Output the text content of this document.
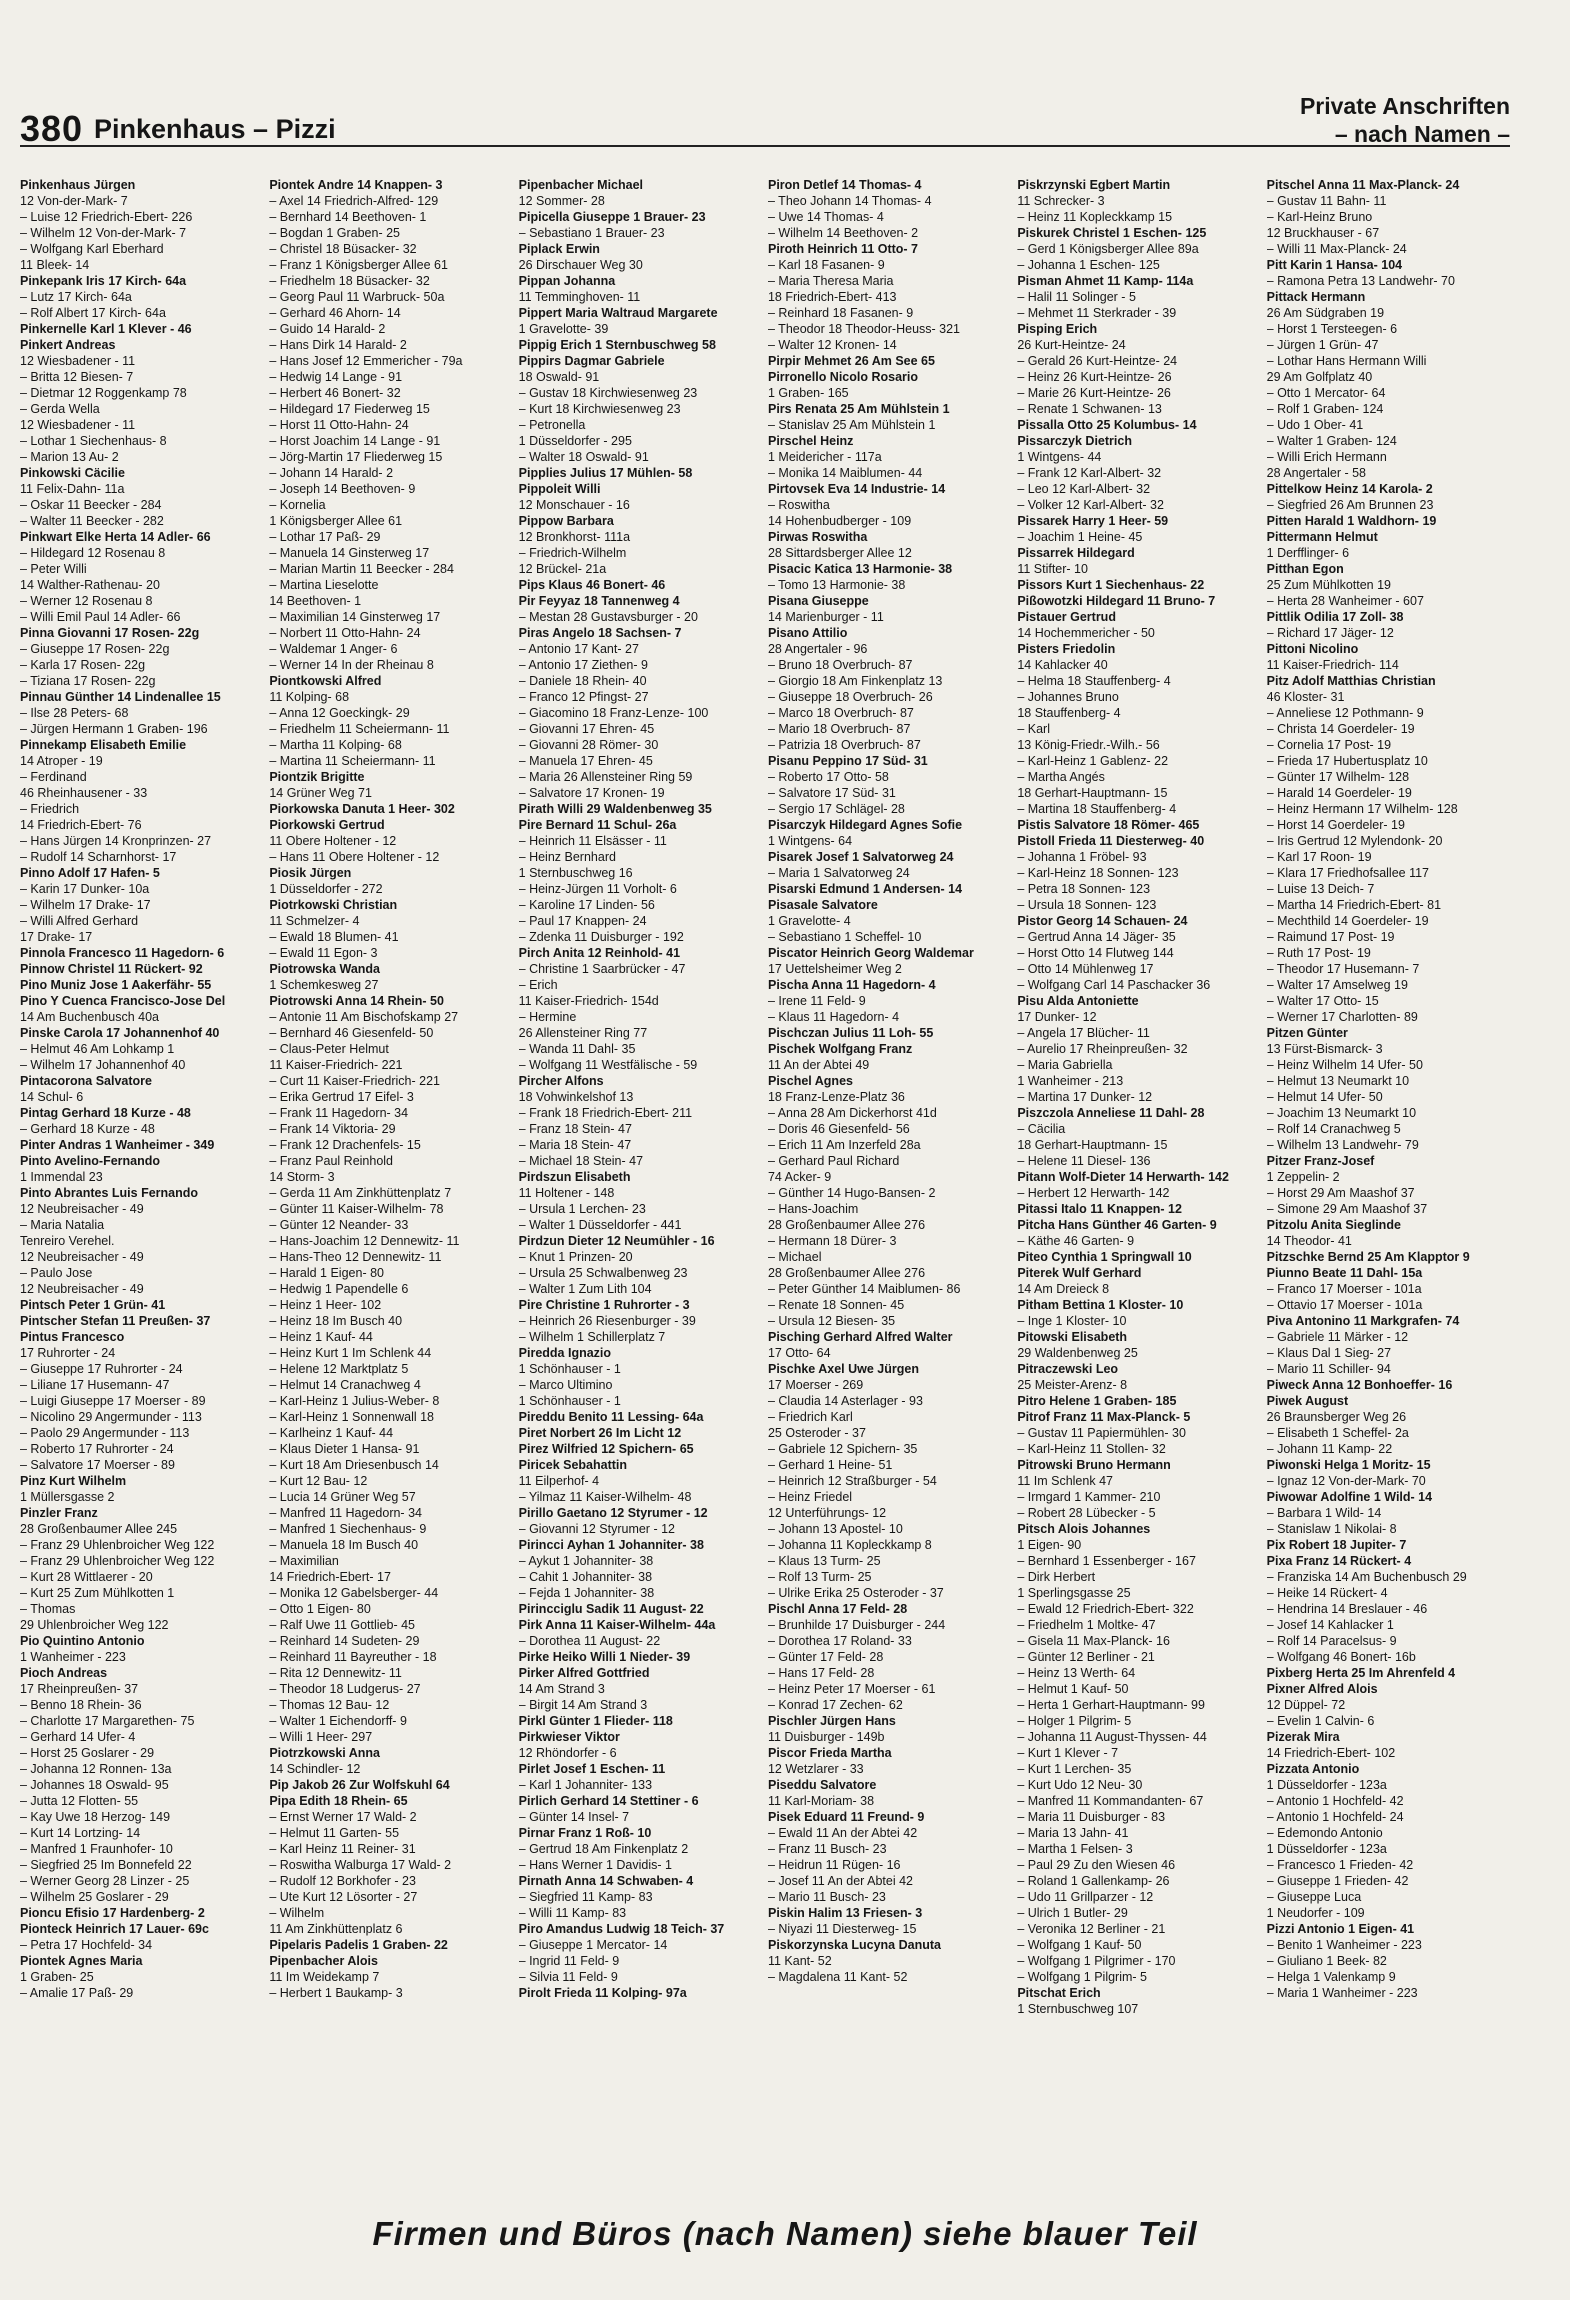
380 Pinkenhaus – Pizzi
Private Anschriften
– nach Namen –
Pinkenhaus Jürgen
12 Von-der-Mark- 7
– Luise 12 Friedrich-Ebert- 226
– Wilhelm 12 Von-der-Mark- 7
– Wolfgang Karl Eberhard
11 Bleek- 14
Pinkepank Iris 17 Kirch- 64a
– Lutz 17 Kirch- 64a
– Rolf Albert 17 Kirch- 64a
Pinkernelle Karl 1 Klever - 46
Pinkert Andreas
12 Wiesbadener - 11
– Britta 12 Biesen- 7
– Dietmar 12 Roggenkamp 78
– Gerda Wella
12 Wiesbadener - 11
– Lothar 1 Siechenhaus- 8
– Marion 13 Au- 2
Pinkowski Cäcilie
11 Felix-Dahn- 11a
– Oskar 11 Beecker - 284
– Walter 11 Beecker - 282
Pinkwart Elke Herta 14 Adler- 66
– Hildegard 12 Rosenau 8
– Peter Willi
14 Walther-Rathenau- 20
– Werner 12 Rosenau 8
– Willi Emil Paul 14 Adler- 66
Pinna Giovanni 17 Rosen- 22g
– Giuseppe 17 Rosen- 22g
– Karla 17 Rosen- 22g
– Tiziana 17 Rosen- 22g
Pinnau Günther 14 Lindenallee 15
– Ilse 28 Peters- 68
– Jürgen Hermann 1 Graben- 196
Pinnekamp Elisabeth Emilie
14 Atroper - 19
– Ferdinand
46 Rheinhausener - 33
– Friedrich
14 Friedrich-Ebert- 76
– Hans Jürgen 14 Kronprinzen- 27
– Rudolf 14 Scharnhorst- 17
Pinno Adolf 17 Hafen- 5
– Karin 17 Dunker- 10a
– Wilhelm 17 Drake- 17
– Willi Alfred Gerhard
17 Drake- 17
Pinnola Francesco 11 Hagedorn- 6
Pinnow Christel 11 Rückert- 92
Pino Muniz Jose 1 Aakerfähr- 55
Pino Y Cuenca Francisco-Jose Del
14 Am Buchenbusch 40a
Pinske Carola 17 Johannenhof 40
– Helmut 46 Am Lohkamp 1
– Wilhelm 17 Johannenhof 40
Pintacorona Salvatore
14 Schul- 6
Pintag Gerhard 18 Kurze - 48
– Gerhard 18 Kurze - 48
Pinter Andras 1 Wanheimer - 349
Pinto Avelino-Fernando
1 Immendal 23
Pinto Abrantes Luis Fernando
12 Neubreisacher - 49
– Maria Natalia
Tenreiro Verehel.
12 Neubreisacher - 49
– Paulo Jose
12 Neubreisacher - 49
Pintsch Peter 1 Grün- 41
Pintscher Stefan 11 Preußen- 37
Pintus Francesco
17 Ruhrorter - 24
– Giuseppe 17 Ruhrorter - 24
– Liliane 17 Husemann- 47
– Luigi Giuseppe 17 Moerser - 89
– Nicolino 29 Angermunder - 113
– Paolo 29 Angermunder - 113
– Roberto 17 Ruhrorter - 24
– Salvatore 17 Moerser - 89
Pinz Kurt Wilhelm
1 Müllersgasse 2
Pinzler Franz
28 Großenbaumer Allee 245
– Franz 29 Uhlenbroicher Weg 122
– Franz 29 Uhlenbroicher Weg 122
– Kurt 28 Wittlaerer - 20
– Kurt 25 Zum Mühlkotten 1
– Thomas
29 Uhlenbroicher Weg 122
Pio Quintino Antonio
1 Wanheimer - 223
Pioch Andreas
17 Rheinpreußen- 37
– Benno 18 Rhein- 36
– Charlotte 17 Margarethen- 75
– Gerhard 14 Ufer- 4
– Horst 25 Goslarer - 29
– Johanna 12 Ronnen- 13a
– Johannes 18 Oswald- 95
– Jutta 12 Flotten- 55
– Kay Uwe 18 Herzog- 149
– Kurt 14 Lortzing- 14
– Manfred 1 Fraunhofer- 10
– Siegfried 25 Im Bonnefeld 22
– Werner Georg 28 Linzer - 25
– Wilhelm 25 Goslarer - 29
Pioncu Efisio 17 Hardenberg- 2
Pionteck Heinrich 17 Lauer- 69c
– Petra 17 Hochfeld- 34
Piontek Agnes Maria
1 Graben- 25
– Amalie 17 Paß- 29
Piontek Andre 14 Knappen- 3
– Axel 14 Friedrich-Alfred- 129
– Bernhard 14 Beethoven- 1
– Bogdan 1 Graben- 25
– Christel 18 Büsacker- 32
– Franz 1 Königsberger Allee 61
– Friedhelm 18 Büsacker- 32
– Georg Paul 11 Warbruck- 50a
– Gerhard 46 Ahorn- 14
– Guido 14 Harald- 2
– Hans Dirk 14 Harald- 2
– Hans Josef 12 Emmericher - 79a
– Hedwig 14 Lange - 91
– Herbert 46 Bonert- 32
– Hildegard 17 Fiederweg 15
– Horst 11 Otto-Hahn- 24
– Horst Joachim 14 Lange - 91
– Jörg-Martin 17 Fliederweg 15
– Johann 14 Harald- 2
– Joseph 14 Beethoven- 9
– Kornelia
1 Königsberger Allee 61
– Lothar 17 Paß- 29
– Manuela 14 Ginsterweg 17
– Marian Martin 11 Beecker - 284
– Martina Lieselotte
14 Beethoven- 1
– Maximilian 14 Ginsterweg 17
– Norbert 11 Otto-Hahn- 24
– Waldemar 1 Anger- 6
– Werner 14 In der Rheinau 8
Piontkowski Alfred
11 Kolping- 68
– Anna 12 Goeckingk- 29
– Friedhelm 11 Scheiermann- 11
– Martha 11 Kolping- 68
– Martina 11 Scheiermann- 11
Piontzik Brigitte
14 Grüner Weg 71
Piorkowska Danuta 1 Heer- 302
Piorkowski Gertrud
11 Obere Holtener - 12
– Hans 11 Obere Holtener - 12
Piosik Jürgen
1 Düsseldorfer - 272
Piotrkowski Christian
11 Schmelzer- 4
– Ewald 18 Blumen- 41
– Ewald 11 Egon- 3
Piotrowska Wanda
1 Schemkesweg 27
Piotrowski Anna 14 Rhein- 50
– Antonie 11 Am Bischofskamp 27
– Bernhard 46 Giesenfeld- 50
– Claus-Peter Helmut
11 Kaiser-Friedrich- 221
– Curt 11 Kaiser-Friedrich- 221
– Erika Gertrud 17 Eifel- 3
– Frank 11 Hagedorn- 34
– Frank 14 Viktoria- 29
– Frank 12 Drachenfels- 15
– Franz Paul Reinhold
14 Storm- 3
– Gerda 11 Am Zinkhüttenplatz 7
– Günter 11 Kaiser-Wilhelm- 78
– Günter 12 Neander- 33
– Hans-Joachim 12 Dennewitz- 11
– Hans-Theo 12 Dennewitz- 11
– Harald 1 Eigen- 80
– Hedwig 1 Papendelle 6
– Heinz 1 Heer- 102
– Heinz 18 Im Busch 40
– Heinz 1 Kauf- 44
– Heinz Kurt 1 Im Schlenk 44
– Helene 12 Marktplatz 5
– Helmut 14 Cranachweg 4
– Karl-Heinz 1 Julius-Weber- 8
– Karl-Heinz 1 Sonnenwall 18
– Karlheinz 1 Kauf- 44
– Klaus Dieter 1 Hansa- 91
– Kurt 18 Am Driesenbusch 14
– Kurt 12 Bau- 12
– Lucia 14 Grüner Weg 57
– Manfred 11 Hagedorn- 34
– Manfred 1 Siechenhaus- 9
– Manuela 18 Im Busch 40
– Maximilian
14 Friedrich-Ebert- 17
– Monika 12 Gabelsberger- 44
– Otto 1 Eigen- 80
– Ralf Uwe 11 Gottlieb- 45
– Reinhard 14 Sudeten- 29
– Reinhard 11 Bayreuther - 18
– Rita 12 Dennewitz- 11
– Theodor 18 Ludgerus- 27
– Thomas 12 Bau- 12
– Walter 1 Eichendorff- 9
– Willi 1 Heer- 297
Piotrzkowski Anna
14 Schindler- 12
Pip Jakob 26 Zur Wolfskuhl 64
Pipa Edith 18 Rhein- 65
– Ernst Werner 17 Wald- 2
– Helmut 11 Garten- 55
– Karl Heinz 11 Reiner- 31
– Roswitha Walburga 17 Wald- 2
– Rudolf 12 Borkhofer - 23
– Ute Kurt 12 Lösorter - 27
– Wilhelm
11 Am Zinkhüttenplatz 6
Pipelaris Padelis 1 Graben- 22
Pipenbacher Alois
11 Im Weidekamp 7
– Herbert 1 Baukamp- 3
Pipenbacher Michael
12 Sommer- 28
Pipicella Giuseppe 1 Brauer- 23
– Sebastiano 1 Brauer- 23
Piplack Erwin
26 Dirschauer Weg 30
Pippan Johanna
11 Temminghoven- 11
Pippert Maria Waltraud Margarete
1 Gravelotte- 39
Pippig Erich 1 Sternbuschweg 58
Pippirs Dagmar Gabriele
18 Oswald- 91
– Gustav 18 Kirchwiesenweg 23
– Kurt 18 Kirchwiesenweg 23
– Petronella
1 Düsseldorfer - 295
– Walter 18 Oswald- 91
Pipplies Julius 17 Mühlen- 58
Pippoleit Willi
12 Monschauer - 16
Pippow Barbara
12 Bronkhorst- 111a
– Friedrich-Wilhelm
12 Brückel- 21a
Pips Klaus 46 Bonert- 46
Pir Feyyaz 18 Tannenweg 4
– Mestan 28 Gustavsburger - 20
Piras Angelo 18 Sachsen- 7
– Antonio 17 Kant- 27
– Antonio 17 Ziethen- 9
– Daniele 18 Rhein- 40
– Franco 12 Pfingst- 27
– Giacomino 18 Franz-Lenze- 100
– Giovanni 17 Ehren- 45
– Giovanni 28 Römer- 30
– Manuela 17 Ehren- 45
– Maria 26 Allensteiner Ring 59
– Salvatore 17 Kronen- 19
Pirath Willi 29 Waldenbenweg 35
Pire Bernard 11 Schul- 26a
– Heinrich 11 Elsässer - 11
– Heinz Bernhard
1 Sternbuschweg 16
– Heinz-Jürgen 11 Vorholt- 6
– Karoline 17 Linden- 56
– Paul 17 Knappen- 24
– Zdenka 11 Duisburger - 192
Pirch Anita 12 Reinhold- 41
– Christine 1 Saarbrücker - 47
– Erich
11 Kaiser-Friedrich- 154d
– Hermine
26 Allensteiner Ring 77
– Wanda 11 Dahl- 35
– Wolfgang 11 Westfälische - 59
Pircher Alfons
18 Vohwinkelshof 13
– Frank 18 Friedrich-Ebert- 211
– Franz 18 Stein- 47
– Maria 18 Stein- 47
– Michael 18 Stein- 47
Pirdszun Elisabeth
11 Holtener - 148
– Ursula 1 Lerchen- 23
– Walter 1 Düsseldorfer - 441
Pirdzun Dieter 12 Neumühler - 16
– Knut 1 Prinzen- 20
– Ursula 25 Schwalbenweg 23
– Walter 1 Zum Lith 104
Pire Christine 1 Ruhrorter - 3
– Heinrich 26 Riesenburger - 39
– Wilhelm 1 Schillerplatz 7
Piredda Ignazio
1 Schönhauser - 1
– Marco Ultimino
1 Schönhauser - 1
Pireddu Benito 11 Lessing- 64a
Piret Norbert 26 Im Licht 12
Pirez Wilfried 12 Spichern- 65
Piricek Sebahattin
11 Eilperhof- 4
– Yilmaz 11 Kaiser-Wilhelm- 48
Pirillo Gaetano 12 Styrumer - 12
– Giovanni 12 Styrumer - 12
Pirincci Ayhan 1 Johanniter- 38
– Aykut 1 Johanniter- 38
– Cahit 1 Johanniter- 38
– Fejda 1 Johanniter- 38
Pirincciglu Sadik 11 August- 22
Pirk Anna 11 Kaiser-Wilhelm- 44a
– Dorothea 11 August- 22
Pirke Heiko Willi 1 Nieder- 39
Pirker Alfred Gottfried
14 Am Strand 3
– Birgit 14 Am Strand 3
Pirkl Günter 1 Flieder- 118
Pirkwieser Viktor
12 Rhöndorfer - 6
Pirlet Josef 1 Eschen- 11
– Karl 1 Johanniter- 133
Pirlich Gerhard 14 Stettiner - 6
– Günter 14 Insel- 7
Pirnar Franz 1 Roß- 10
– Gertrud 18 Am Finkenplatz 2
– Hans Werner 1 Davidis- 1
Pirnath Anna 14 Schwaben- 4
– Siegfried 11 Kamp- 83
– Willi 11 Kamp- 83
Piro Amandus Ludwig 18 Teich- 37
– Giuseppe 1 Mercator- 14
– Ingrid 11 Feld- 9
– Silvia 11 Feld- 9
Pirolt Frieda 11 Kolping- 97a
Piron Detlef 14 Thomas- 4
– Theo Johann 14 Thomas- 4
– Uwe 14 Thomas- 4
– Wilhelm 14 Beethoven- 2
Piroth Heinrich 11 Otto- 7
– Karl 18 Fasanen- 9
– Maria Theresa Maria
18 Friedrich-Ebert- 413
– Reinhard 18 Fasanen- 9
– Theodor 18 Theodor-Heuss- 321
– Walter 12 Kronen- 14
Pirpir Mehmet 26 Am See 65
Pirronello Nicolo Rosario
1 Graben- 165
Pirs Renata 25 Am Mühlstein 1
– Stanislav 25 Am Mühlstein 1
Pirschel Heinz
1 Meidericher - 117a
– Monika 14 Maiblumen- 44
Pirtovsek Eva 14 Industrie- 14
– Roswitha
14 Hohenbudberger - 109
Pirwas Roswitha
28 Sittardsberger Allee 12
Pisacic Katica 13 Harmonie- 38
– Tomo 13 Harmonie- 38
Pisana Giuseppe
14 Marienburger - 11
Pisano Attilio
28 Angertaler - 96
– Bruno 18 Overbruch- 87
– Giorgio 18 Am Finkenplatz 13
– Giuseppe 18 Overbruch- 26
– Marco 18 Overbruch- 87
– Mario 18 Overbruch- 87
– Patrizia 18 Overbruch- 87
Pisanu Peppino 17 Süd- 31
– Roberto 17 Otto- 58
– Salvatore 17 Süd- 31
– Sergio 17 Schlägel- 28
Pisarczyk Hildegard Agnes Sofie
1 Wintgens- 64
Pisarek Josef 1 Salvatorweg 24
– Maria 1 Salvatorweg 24
Pisarski Edmund 1 Andersen- 14
Pisasale Salvatore
1 Gravelotte- 4
– Sebastiano 1 Scheffel- 10
Piscator Heinrich Georg Waldemar
17 Uettelsheimer Weg 2
Pischa Anna 11 Hagedorn- 4
– Irene 11 Feld- 9
– Klaus 11 Hagedorn- 4
Pischczan Julius 11 Loh- 55
Pischek Wolfgang Franz
11 An der Abtei 49
Pischel Agnes
18 Franz-Lenze-Platz 36
– Anna 28 Am Dickerhorst 41d
– Doris 46 Giesenfeld- 56
– Erich 11 Am Inzerfeld 28a
– Gerhard Paul Richard
74 Acker- 9
– Günther 14 Hugo-Bansen- 2
– Hans-Joachim
28 Großenbaumer Allee 276
– Hermann 18 Dürer- 3
– Michael
28 Großenbaumer Allee 276
– Peter Günther 14 Maiblumen- 86
– Renate 18 Sonnen- 45
– Ursula 12 Biesen- 35
Pisching Gerhard Alfred Walter
17 Otto- 64
Pischke Axel Uwe Jürgen
17 Moerser - 269
– Claudia 14 Asterlager - 93
– Friedrich Karl
25 Osteroder - 37
– Gabriele 12 Spichern- 35
– Gerhard 1 Heine- 51
– Heinrich 12 Straßburger - 54
– Heinz Friedel
12 Unterführungs- 12
– Johann 13 Apostel- 10
– Johanna 11 Kopleckkamp 8
– Klaus 13 Turm- 25
– Rolf 13 Turm- 25
– Ulrike Erika 25 Osteroder - 37
Pischl Anna 17 Feld- 28
– Brunhilde 17 Duisburger - 244
– Dorothea 17 Roland- 33
– Günter 17 Feld- 28
– Hans 17 Feld- 28
– Heinz Peter 17 Moerser - 61
– Konrad 17 Zechen- 62
Pischler Jürgen Hans
11 Duisburger - 149b
Piscor Frieda Martha
12 Wetzlarer - 33
Piseddu Salvatore
11 Karl-Moriam- 38
Pisek Eduard 11 Freund- 9
– Ewald 11 An der Abtei 42
– Franz 11 Busch- 23
– Heidrun 11 Rügen- 16
– Josef 11 An der Abtei 42
– Mario 11 Busch- 23
Piskin Halim 13 Friesen- 3
– Niyazi 11 Diesterweg- 15
Piskorzynska Lucyna Danuta
11 Kant- 52
– Magdalena 11 Kant- 52
Piskrzynski Egbert Martin
11 Schrecker- 3
– Heinz 11 Kopleckkamp 15
Piskurek Christel 1 Eschen- 125
– Gerd 1 Königsberger Allee 89a
– Johanna 1 Eschen- 125
Pisman Ahmet 11 Kamp- 114a
– Halil 11 Solinger - 5
– Mehmet 11 Sterkrader - 39
Pisping Erich
26 Kurt-Heintze- 24
– Gerald 26 Kurt-Heintze- 24
– Heinz 26 Kurt-Heintze- 26
– Marie 26 Kurt-Heintze- 26
– Renate 1 Schwanen- 13
Pissalla Otto 25 Kolumbus- 14
Pissarczyk Dietrich
1 Wintgens- 44
– Frank 12 Karl-Albert- 32
– Leo 12 Karl-Albert- 32
– Volker 12 Karl-Albert- 32
Pissarek Harry 1 Heer- 59
– Joachim 1 Heine- 45
Pissarrek Hildegard
11 Stifter- 10
Pissors Kurt 1 Siechenhaus- 22
Pißowotzki Hildegard 11 Bruno- 7
Pistauer Gertrud
14 Hochemmericher - 50
Pisters Friedolin
14 Kahlacker 40
– Helma 18 Stauffenberg- 4
– Johannes Bruno
18 Stauffenberg- 4
– Karl
13 König-Friedr.-Wilh.- 56
– Karl-Heinz 1 Gablenz- 22
– Martha Angés
18 Gerhart-Hauptmann- 15
– Martina 18 Stauffenberg- 4
Pistis Salvatore 18 Römer- 465
Pistoll Frieda 11 Diesterweg- 40
– Johanna 1 Fröbel- 93
– Karl-Heinz 18 Sonnen- 123
– Petra 18 Sonnen- 123
– Ursula 18 Sonnen- 123
Pistor Georg 14 Schauen- 24
– Gertrud Anna 14 Jäger- 35
– Horst Otto 14 Flutweg 144
– Otto 14 Mühlenweg 17
– Wolfgang Carl 14 Paschacker 36
Pisu Alda Antoniette
17 Dunker- 12
– Angela 17 Blücher- 11
– Aurelio 17 Rheinpreußen- 32
– Maria Gabriella
1 Wanheimer - 213
– Martina 17 Dunker- 12
Piszczola Anneliese 11 Dahl- 28
– Cäcilia
18 Gerhart-Hauptmann- 15
– Helene 11 Diesel- 136
Pitann Wolf-Dieter 14 Herwarth- 142
– Herbert 12 Herwarth- 142
Pitassi Italo 11 Knappen- 12
Pitcha Hans Günther 46 Garten- 9
– Käthe 46 Garten- 9
Piteo Cynthia 1 Springwall 10
Piterek Wulf Gerhard
14 Am Dreieck 8
Pitham Bettina 1 Kloster- 10
– Inge 1 Kloster- 10
Pitowski Elisabeth
29 Waldenbenweg 25
Pitraczewski Leo
25 Meister-Arenz- 8
Pitro Helene 1 Graben- 185
Pitrof Franz 11 Max-Planck- 5
– Gustav 11 Papiermühlen- 30
– Karl-Heinz 11 Stollen- 32
Pitrowski Bruno Hermann
11 Im Schlenk 47
– Irmgard 1 Kammer- 210
– Robert 28 Lübecker - 5
Pitsch Alois Johannes
1 Eigen- 90
– Bernhard 1 Essenberger - 167
– Dirk Herbert
1 Sperlingsgasse 25
– Ewald 12 Friedrich-Ebert- 322
– Friedhelm 1 Moltke- 47
– Gisela 11 Max-Planck- 16
– Günter 12 Berliner - 21
– Heinz 13 Werth- 64
– Helmut 1 Kauf- 50
– Herta 1 Gerhart-Hauptmann- 99
– Holger 1 Pilgrim- 5
– Johanna 11 August-Thyssen- 44
– Kurt 1 Klever - 7
– Kurt 1 Lerchen- 35
– Kurt Udo 12 Neu- 30
– Manfred 11 Kommandanten- 67
– Maria 11 Duisburger - 83
– Maria 13 Jahn- 41
– Martha 1 Felsen- 3
– Paul 29 Zu den Wiesen 46
– Roland 1 Gallenkamp- 26
– Udo 11 Grillparzer - 12
– Ulrich 1 Butler- 29
– Veronika 12 Berliner - 21
– Wolfgang 1 Kauf- 50
– Wolfgang 1 Pilgrimer - 170
– Wolfgang 1 Pilgrim- 5
Pitschat Erich
1 Sternbuschweg 107
Pitschel Anna 11 Max-Planck- 24
– Gustav 11 Bahn- 11
– Karl-Heinz Bruno
12 Bruckhauser - 67
– Willi 11 Max-Planck- 24
Pitt Karin 1 Hansa- 104
– Ramona Petra 13 Landwehr- 70
Pittack Hermann
26 Am Südgraben 19
– Horst 1 Tersteegen- 6
– Jürgen 1 Grün- 47
– Lothar Hans Hermann Willi
29 Am Golfplatz 40
– Otto 1 Mercator- 64
– Rolf 1 Graben- 124
– Udo 1 Ober- 41
– Walter 1 Graben- 124
– Willi Erich Hermann
28 Angertaler - 58
Pittelkow Heinz 14 Karola- 2
– Siegfried 26 Am Brunnen 23
Pitten Harald 1 Waldhorn- 19
Pittermann Helmut
1 Derfflinger- 6
Pitthan Egon
25 Zum Mühlkotten 19
– Herta 28 Wanheimer - 607
Pittlik Odilia 17 Zoll- 38
– Richard 17 Jäger- 12
Pittoni Nicolino
11 Kaiser-Friedrich- 114
Pitz Adolf Matthias Christian
46 Kloster- 31
– Anneliese 12 Pothmann- 9
– Christa 14 Goerdeler- 19
– Cornelia 17 Post- 19
– Frieda 17 Hubertusplatz 10
– Günter 17 Wilhelm- 128
– Harald 14 Goerdeler- 19
– Heinz Hermann 17 Wilhelm- 128
– Horst 14 Goerdeler- 19
– Iris Gertrud 12 Mylendonk- 20
– Karl 17 Roon- 19
– Klara 17 Friedhofsallee 117
– Luise 13 Deich- 7
– Martha 14 Friedrich-Ebert- 81
– Mechthild 14 Goerdeler- 19
– Raimund 17 Post- 19
– Ruth 17 Post- 19
– Theodor 17 Husemann- 7
– Walter 17 Amselweg 19
– Walter 17 Otto- 15
– Werner 17 Charlotten- 89
Pitzen Günter
13 Fürst-Bismarck- 3
– Heinz Wilhelm 14 Ufer- 50
– Helmut 13 Neumarkt 10
– Helmut 14 Ufer- 50
– Joachim 13 Neumarkt 10
– Rolf 14 Cranachweg 5
– Wilhelm 13 Landwehr- 79
Pitzer Franz-Josef
1 Zeppelin- 2
– Horst 29 Am Maashof 37
– Simone 29 Am Maashof 37
Pitzolu Anita Sieglinde
14 Theodor- 41
Pitzschke Bernd 25 Am Klapptor 9
Piunno Beate 11 Dahl- 15a
– Franco 17 Moerser - 101a
– Ottavio 17 Moerser - 101a
Piva Antonino 11 Markgrafen- 74
– Gabriele 11 Märker - 12
– Klaus Dal 1 Sieg- 27
– Mario 11 Schiller- 94
Piweck Anna 12 Bonhoeffer- 16
Piwek August
26 Braunsberger Weg 26
– Elisabeth 1 Scheffel- 2a
– Johann 11 Kamp- 22
Piwonski Helga 1 Moritz- 15
– Ignaz 12 Von-der-Mark- 70
Piwowar Adolfine 1 Wild- 14
– Barbara 1 Wild- 14
– Stanislaw 1 Nikolai- 8
Pix Robert 18 Jupiter- 7
Pixa Franz 14 Rückert- 4
– Franziska 14 Am Buchenbusch 29
– Heike 14 Rückert- 4
– Hendrina 14 Breslauer - 46
– Josef 14 Kahlacker 1
– Rolf 14 Paracelsus- 9
– Wolfgang 46 Bonert- 16b
Pixberg Herta 25 Im Ahrenfeld 4
Pixner Alfred Alois
12 Düppel- 72
– Evelin 1 Calvin- 6
Pizerak Mira
14 Friedrich-Ebert- 102
Pizzata Antonio
1 Düsseldorfer - 123a
– Antonio 1 Hochfeld- 42
– Antonio 1 Hochfeld- 24
– Edemondo Antonio
1 Düsseldorfer - 123a
– Francesco 1 Frieden- 42
– Giuseppe 1 Frieden- 42
– Giuseppe Luca
1 Neudorfer - 109
Pizzi Antonio 1 Eigen- 41
– Benito 1 Wanheimer - 223
– Giuliano 1 Beek- 82
– Helga 1 Valenkamp 9
– Maria 1 Wanheimer - 223
Firmen und Büros (nach Namen) siehe blauer Teil
